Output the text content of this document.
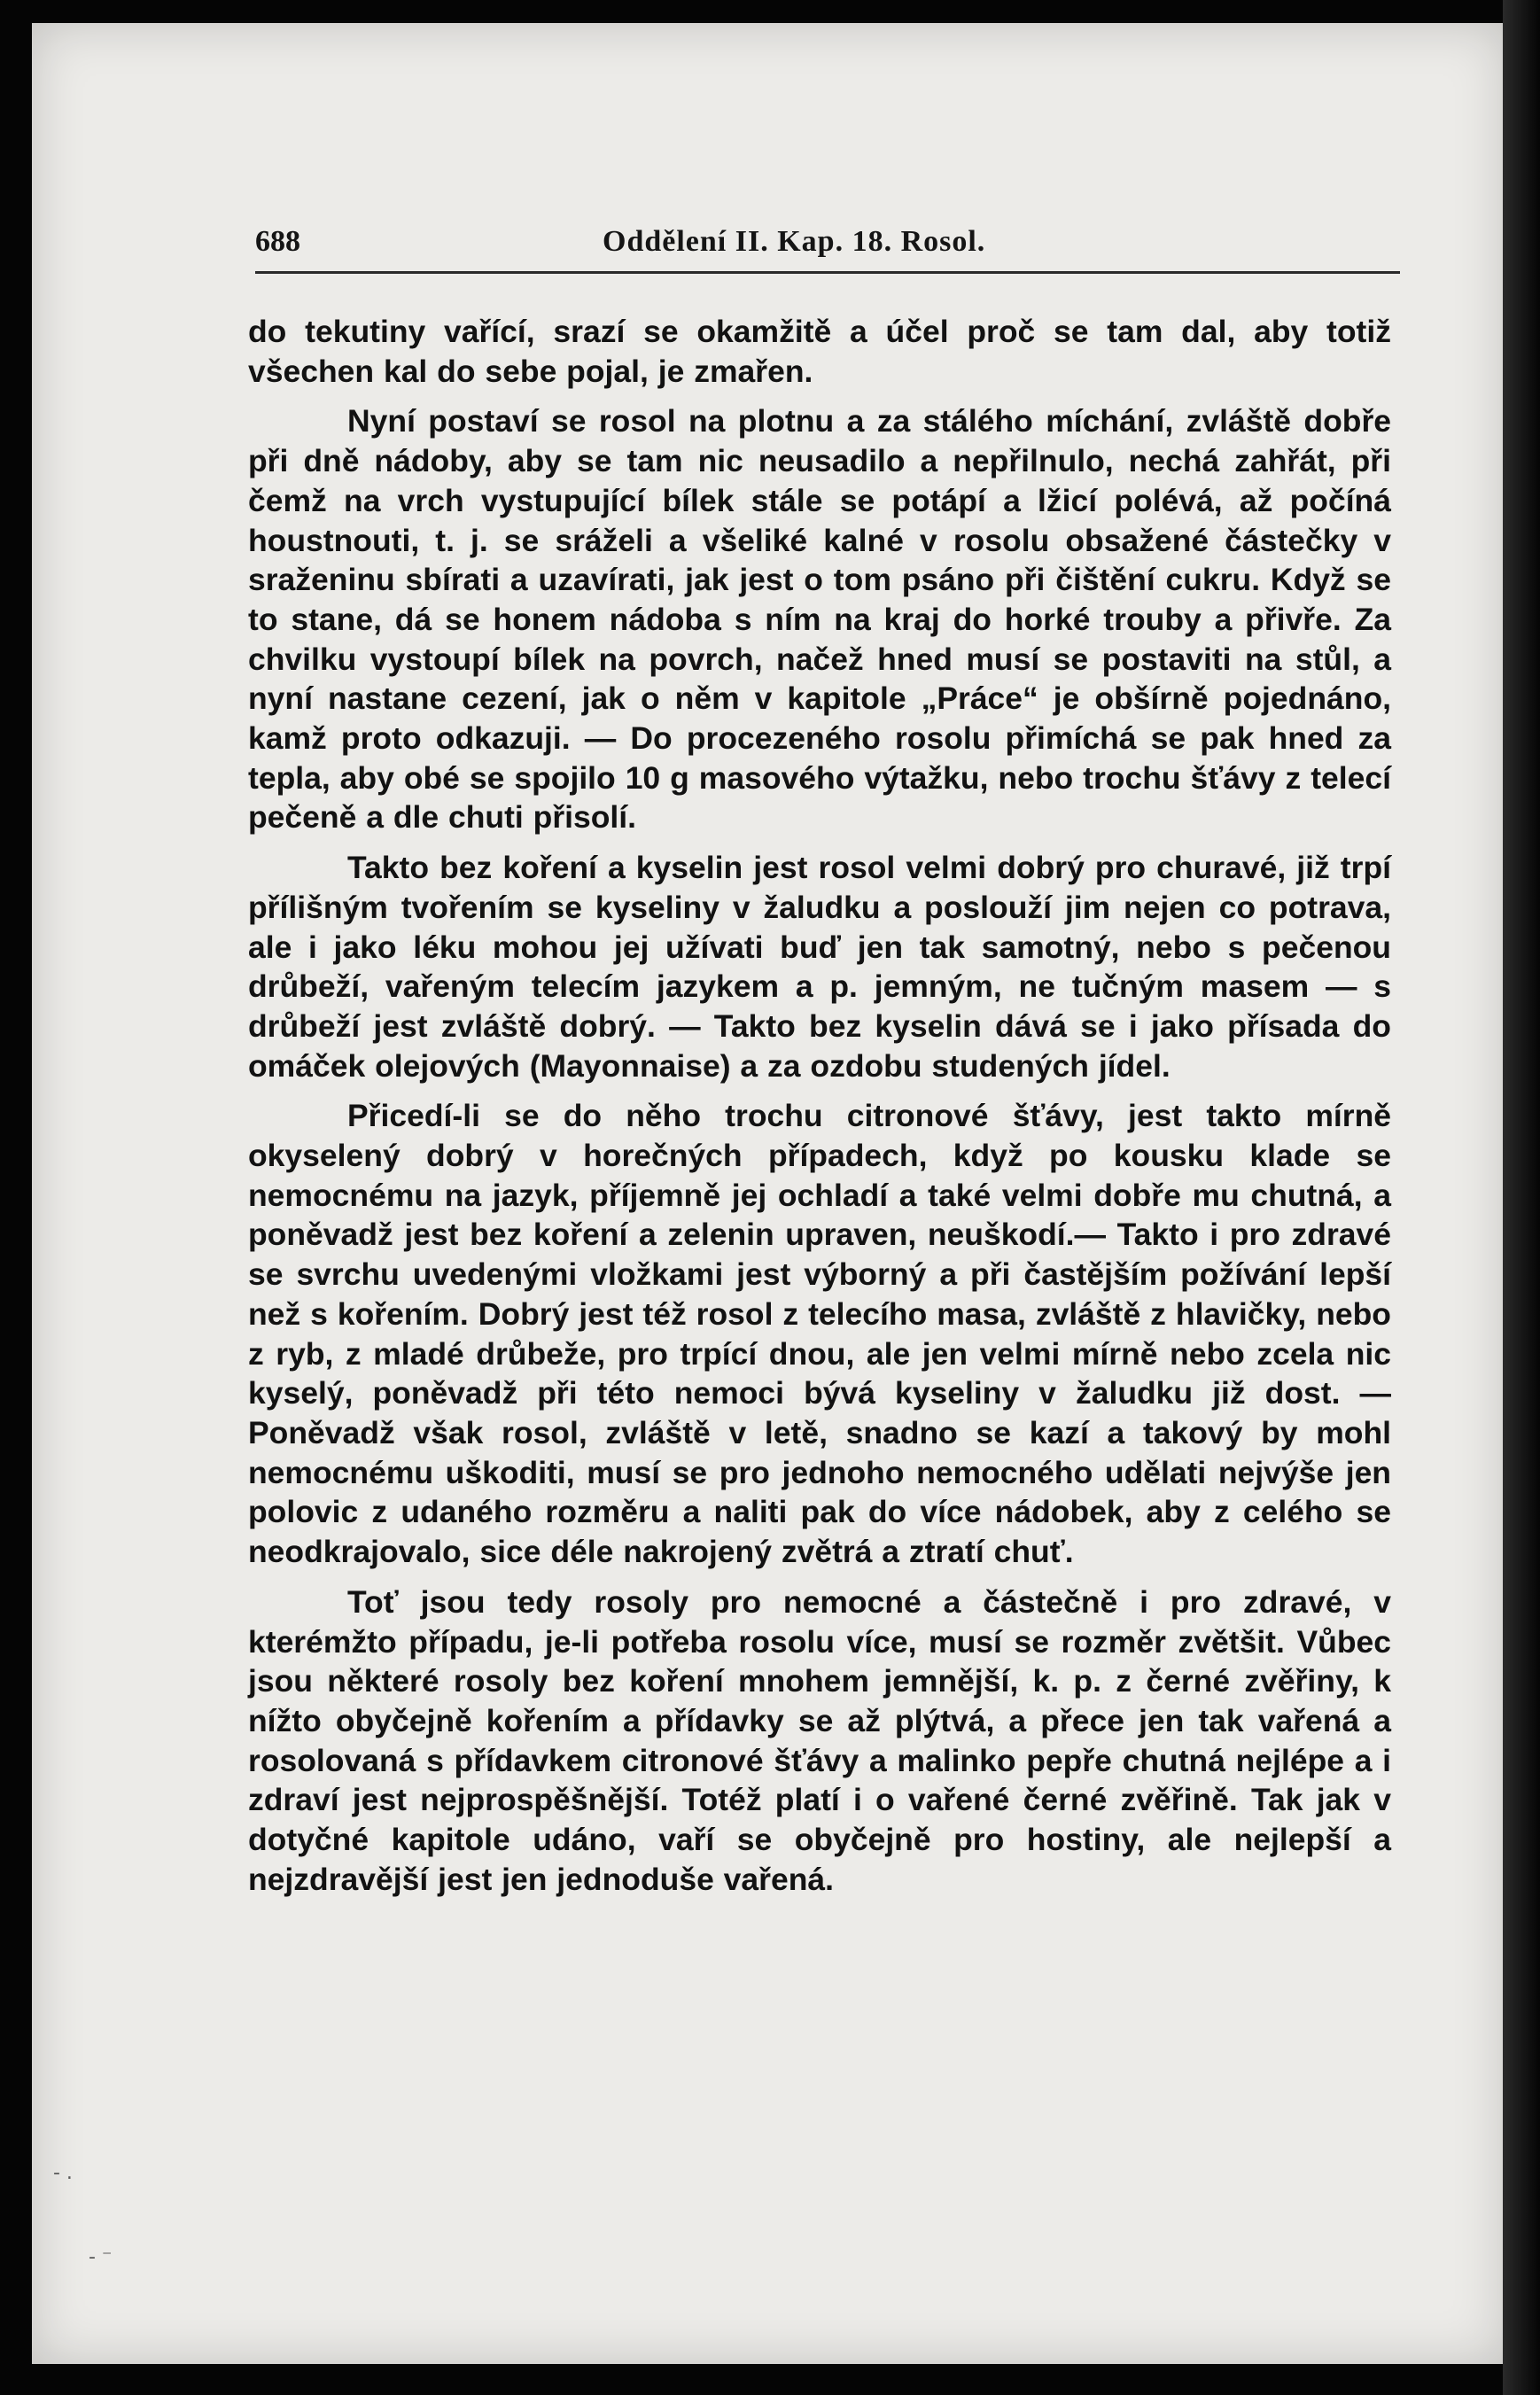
688	Oddělení II. Kap. 18. Rosol.

do tekutiny vařící, srazí se okamžitě a účel proč se tam dal, aby totiž všechen kal do sebe pojal, je zmařen.

Nyní postaví se rosol na plotnu a za stálého míchání, zvláště dobře při dně nádoby, aby se tam nic neusadilo a nepřilnulo, nechá zahřát, při čemž na vrch vystupující bílek stále se potápí a lžicí polévá, až počíná houstnouti, t. j. se sráželi a všeliké kalné v rosolu obsažené částečky v sraženinu sbírati a uzavírati, jak jest o tom psáno při čištění cukru. Když se to stane, dá se honem nádoba s ním na kraj do horké trouby a přivře. Za chvilku vystoupí bílek na povrch, načež hned musí se postaviti na stůl, a nyní nastane cezení, jak o něm v kapitole „Práce“ je obšírně pojednáno, kamž proto odkazuji. — Do procezeného rosolu přimíchá se pak hned za tepla, aby obé se spojilo 10 g masového výtažku, nebo trochu šťávy z telecí pečeně a dle chuti přisolí.

Takto bez koření a kyselin jest rosol velmi dobrý pro churavé, již trpí přílišným tvořením se kyseliny v žaludku a poslouží jim nejen co potrava, ale i jako léku mohou jej užívati buď jen tak samotný, nebo s pečenou drůbeží, vařeným telecím jazykem a p. jemným, ne tučným masem — s drůbeží jest zvláště dobrý. — Takto bez kyselin dává se i jako přísada do omáček olejových (Mayonnaise) a za ozdobu studených jídel.

Přicedí-li se do něho trochu citronové šťávy, jest takto mírně okyselený dobrý v horečných případech, když po kousku klade se nemocnému na jazyk, příjemně jej ochladí a také velmi dobře mu chutná, a poněvadž jest bez koření a zelenin upraven, neuškodí.— Takto i pro zdravé se svrchu uvedenými vložkami jest výborný a při častějším požívání lepší než s kořením. Dobrý jest též rosol z telecího masa, zvláště z hlavičky, nebo z ryb, z mladé drůbeže, pro trpící dnou, ale jen velmi mírně nebo zcela nic kyselý, poněvadž při této nemoci bývá kyseliny v žaludku již dost. — Poněvadž však rosol, zvláště v letě, snadno se kazí a takový by mohl nemocnému uškoditi, musí se pro jednoho nemocného udělati nejvýše jen polovic z udaného rozměru a naliti pak do více nádobek, aby z celého se neodkrajovalo, sice déle nakrojený zvětrá a ztratí chuť.

Toť jsou tedy rosoly pro nemocné a částečně i pro zdravé, v kterémžto případu, je-li potřeba rosolu více, musí se rozměr zvětšit. Vůbec jsou některé rosoly bez koření mnohem jemnější, k. p. z černé zvěřiny, k nížto obyčejně kořením a přídavky se až plýtvá, a přece jen tak vařená a rosolovaná s přídavkem citronové šťávy a malinko pepře chutná nejlépe a i zdraví jest nejprospěšnější. Totéž platí i o vařené černé zvěřině. Tak jak v dotyčné kapitole udáno, vaří se obyčejně pro hostiny, ale nejlepší a nejzdravější jest jen jednoduše vařená.

- .
- ⁻
